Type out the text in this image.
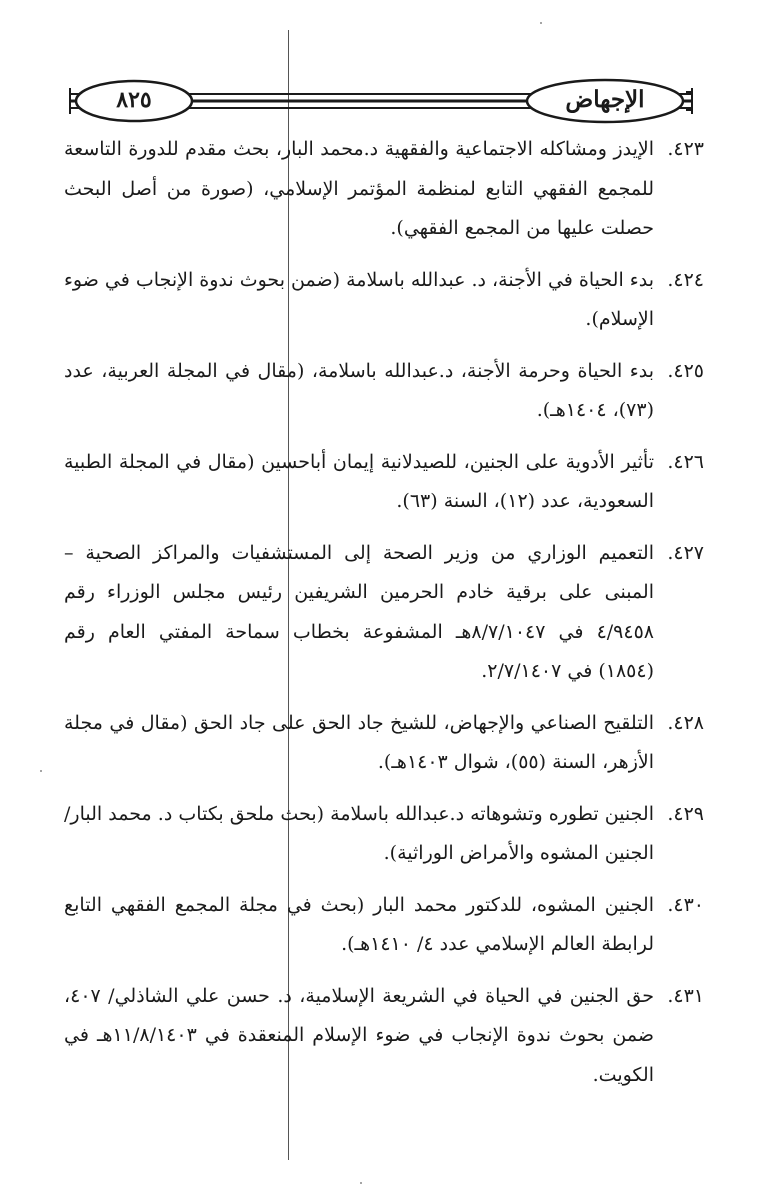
٨٢٥	الإجهاض
٤٢٣.
الإيدز ومشاكله الاجتماعية والفقهية د.محمد البار، بحث مقدم للدورة التاسعة للمجمع الفقهي التابع لمنظمة المؤتمر الإسلامي، (صورة من أصل البحث حصلت عليها من المجمع الفقهي).
٤٢٤.
بدء الحياة في الأجنة، د. عبدالله باسلامة (ضمن بحوث ندوة الإنجاب في ضوء الإسلام).
٤٢٥.
بدء الحياة وحرمة الأجنة، د.عبدالله باسلامة، (مقال في المجلة العربية، عدد (٧٣)، ١٤٠٤هـ).
٤٢٦.
تأثير الأدوية على الجنين، للصيدلانية إيمان أباحسين (مقال في المجلة الطبية السعودية، عدد (١٢)، السنة (٦٣).
٤٢٧.
التعميم الوزاري من وزير الصحة إلى المستشفيات والمراكز الصحية – المبنى على برقية خادم الحرمين الشريفين رئيس مجلس الوزراء رقم ٤/٩٤٥٨ في ٨/٧/١٠٤٧هـ المشفوعة بخطاب سماحة المفتي العام رقم (١٨٥٤) في ٢/٧/١٤٠٧.
٤٢٨.
التلقيح الصناعي والإجهاض، للشيخ جاد الحق على جاد الحق (مقال في مجلة الأزهر، السنة (٥٥)، شوال ١٤٠٣هـ).
٤٢٩.
الجنين تطوره وتشوهاته د.عبدالله باسلامة (بحث ملحق بكتاب د. محمد البار/ الجنين المشوه والأمراض الوراثية).
٤٣٠.
الجنين المشوه، للدكتور محمد البار (بحث في مجلة المجمع الفقهي التابع لرابطة العالم الإسلامي عدد ٤/ ١٤١٠هـ).
٤٣١.
حق الجنين في الحياة في الشريعة الإسلامية، د. حسن علي الشاذلي/ ٤٠٧، ضمن بحوث ندوة الإنجاب في ضوء الإسلام المنعقدة في ١١/٨/١٤٠٣هـ في الكويت.
